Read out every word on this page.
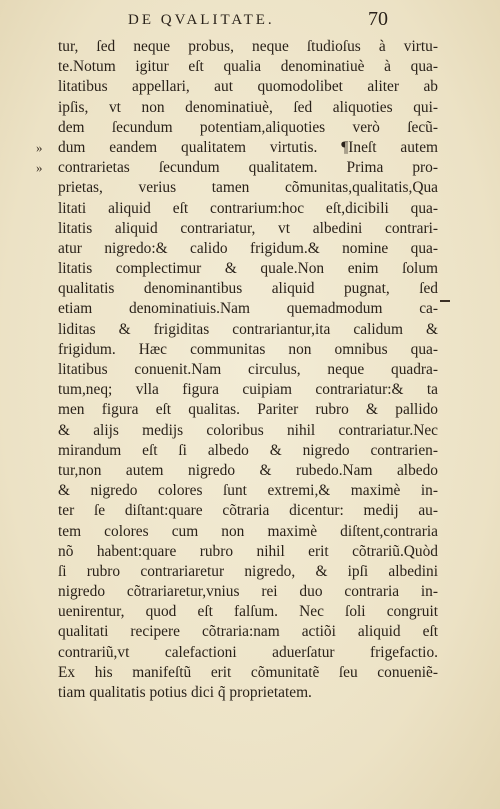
DE QVALITATE.	70
tur, ſed neque probus, neque ſtudioſus à virtu-
te.Notum igitur eſt qualia denominatiuè à qua-
litatibus appellari, aut quomodolibet aliter ab
ipſis, vt non denominatiuè, ſed aliquoties qui-
dem ſecundum potentiam,aliquoties verò ſecũ-
» dum eandem qualitatem virtutis. ¶Ineſt autem
» contrarietas ſecundum qualitatem. Prima pro-
prietas, verius tamen cõmunitas,qualitatis,Qua
litati aliquid eſt contrarium:hoc eſt,dicibili qua-
litatis aliquid contrariatur, vt albedini contrari-
atur nigredo:& calido frigidum.& nomine qua-
litatis complectimur & quale.Non enim ſolum
qualitatis denominantibus aliquid pugnat, ſed
etiam denominatiuis.Nam quemadmodum ca-
liditas & frigiditas contrariantur,ita calidum &
frigidum. Hæc communitas non omnibus qua-
litatibus conuenit.Nam circulus, neque quadra-
tum,neq; vlla figura cuipiam contrariatur:& ta
men figura eſt qualitas. Pariter rubro & pallido
& alijs medijs coloribus nihil contrariatur.Nec
mirandum eſt ſi albedo & nigredo contrarien-
tur,non autem nigredo & rubedo.Nam albedo
& nigredo colores ſunt extremi,& maximè in-
ter ſe diſtant:quare cõtraria dicentur: medij au-
tem colores cum non maximè diſtent,contraria
nõ habent:quare rubro nihil erit cõtrariũ.Quòd
ſi rubro contrariaretur nigredo, & ipſi albedini
nigredo cõtrariaretur,vnius rei duo contraria in-
uenirentur, quod eſt falſum. Nec ſoli congruit
qualitati recipere cõtraria:nam actiõi aliquid eſt
contrariũ,vt calefactioni aduerſatur frigefactio.
Ex his manifeſtũ erit cõmunitatẽ ſeu conueniẽ-
tiam qualitatis potius dici q̃ proprietatem.
